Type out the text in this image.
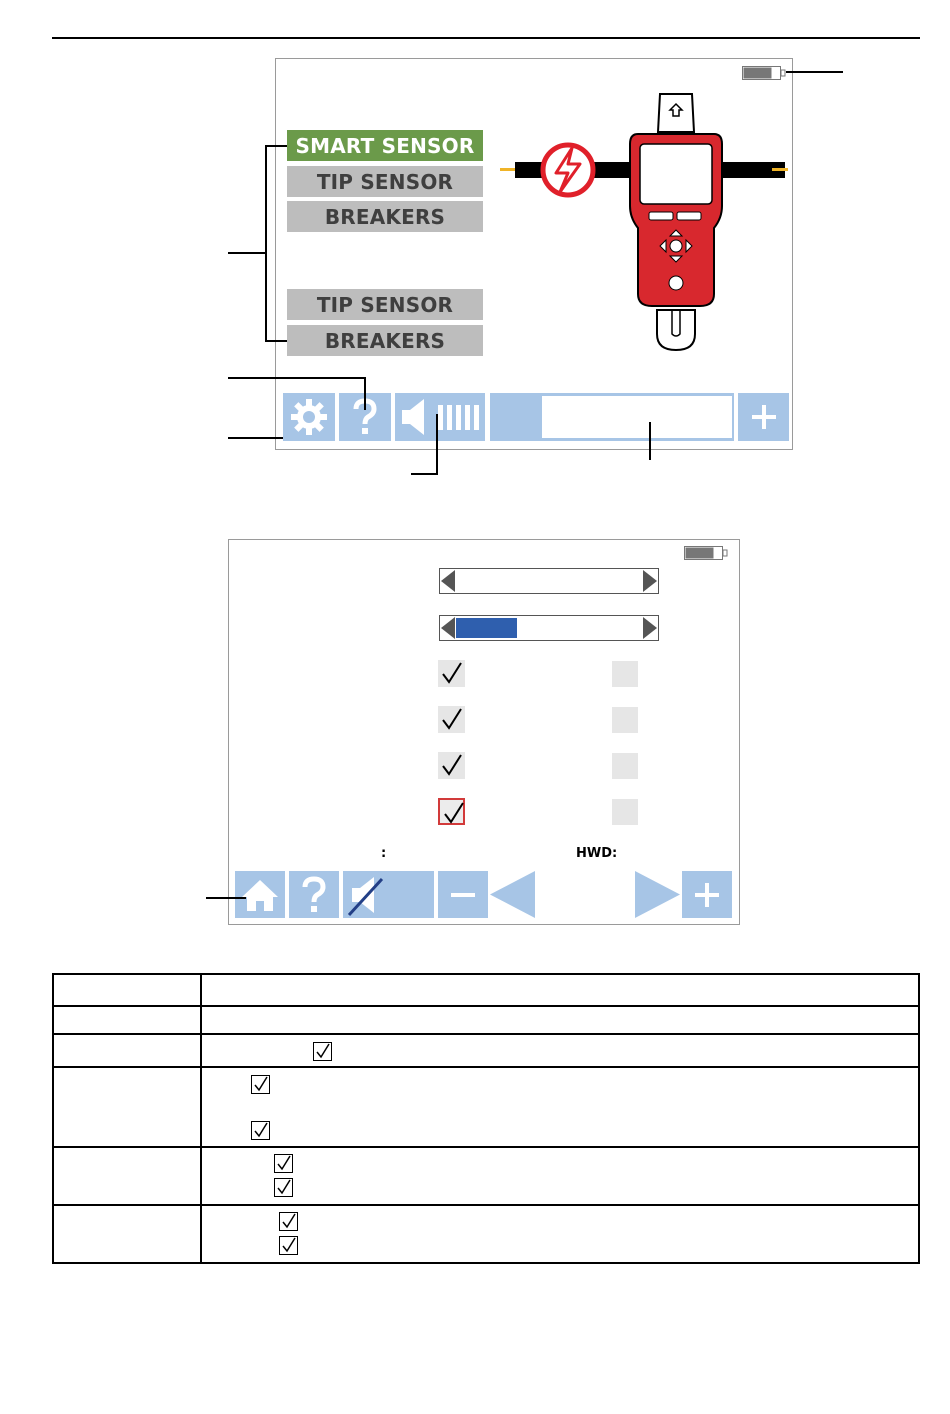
SMART SENSOR
TIP SENSOR
BREAKERS
TIP SENSOR
BREAKERS
:	HWD:
